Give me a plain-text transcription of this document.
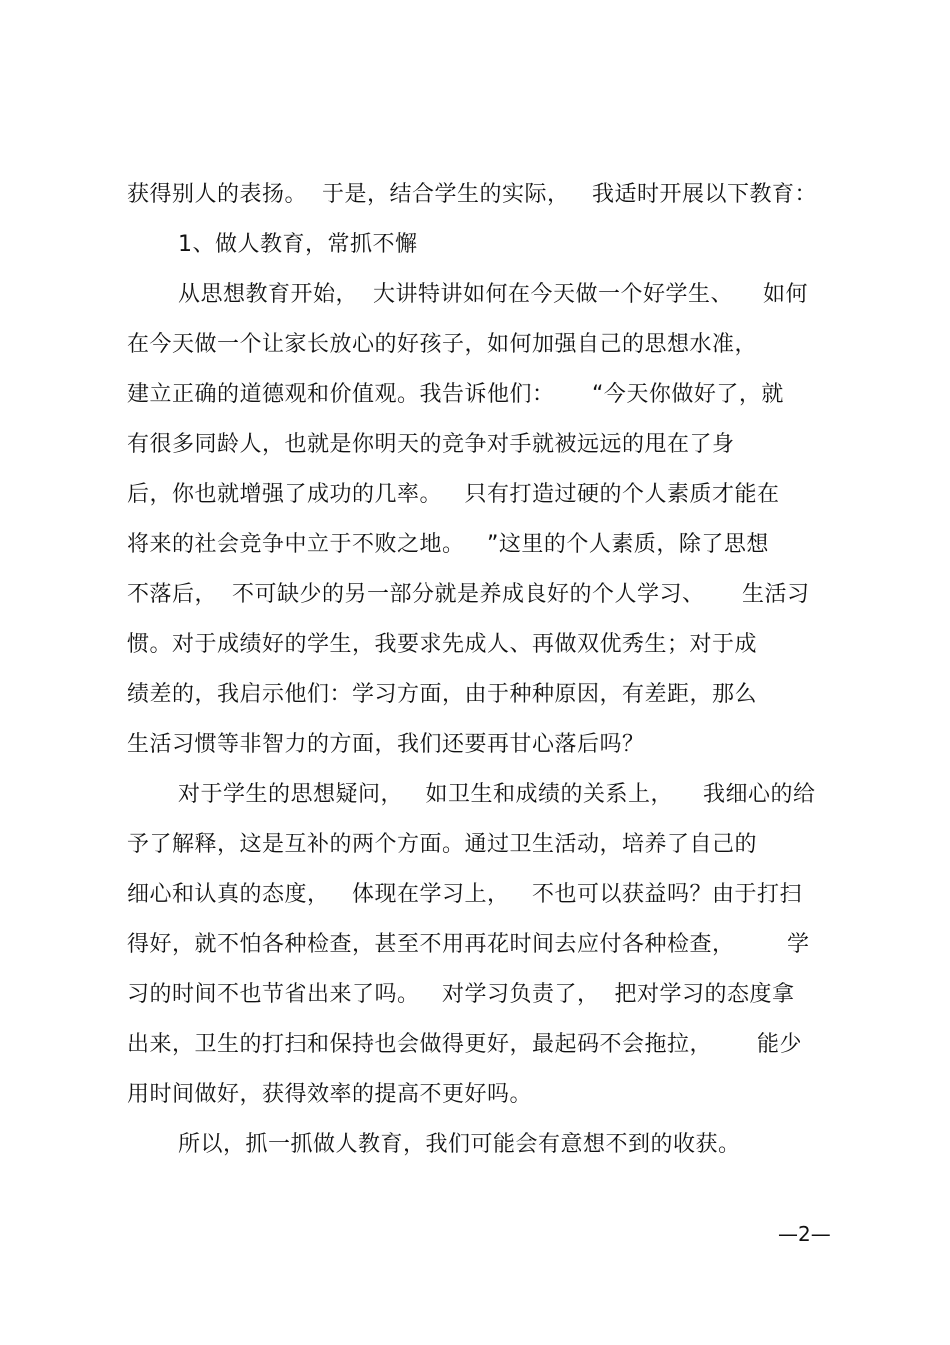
获得别人的表扬。  于是，结合学生的实际，   我适时开展以下教育：
1、做人教育，常抓不懈
从思想教育开始，  大讲特讲如何在今天做一个好学生、    如何
在今天做一个让家长放心的好孩子，如何加强自己的思想水准，
建立正确的道德观和价值观。我告诉他们：     “今天你做好了，就
有很多同龄人，也就是你明天的竞争对手就被远远的甩在了身
后，你也就增强了成功的几率。   只有打造过硬的个人素质才能在
将来的社会竞争中立于不败之地。   ”这里的个人素质，除了思想
不落后，  不可缺少的另一部分就是养成良好的个人学习、     生活习
惯。对于成绩好的学生，我要求先成人、再做双优秀生；对于成
绩差的，我启示他们：学习方面，由于种种原因，有差距，那么
生活习惯等非智力的方面，我们还要再甘心落后吗？
对于学生的思想疑问，   如卫生和成绩的关系上，    我细心的给
予了解释，这是互补的两个方面。通过卫生活动，培养了自己的
细心和认真的态度，   体现在学习上，   不也可以获益吗？由于打扫
得好，就不怕各种检查，甚至不用再花时间去应付各种检查，       学
习的时间不也节省出来了吗。   对学习负责了，  把对学习的态度拿
出来，卫生的打扫和保持也会做得更好，最起码不会拖拉，      能少
用时间做好，获得效率的提高不更好吗。
所以，抓一抓做人教育，我们可能会有意想不到的收获。
—2—
